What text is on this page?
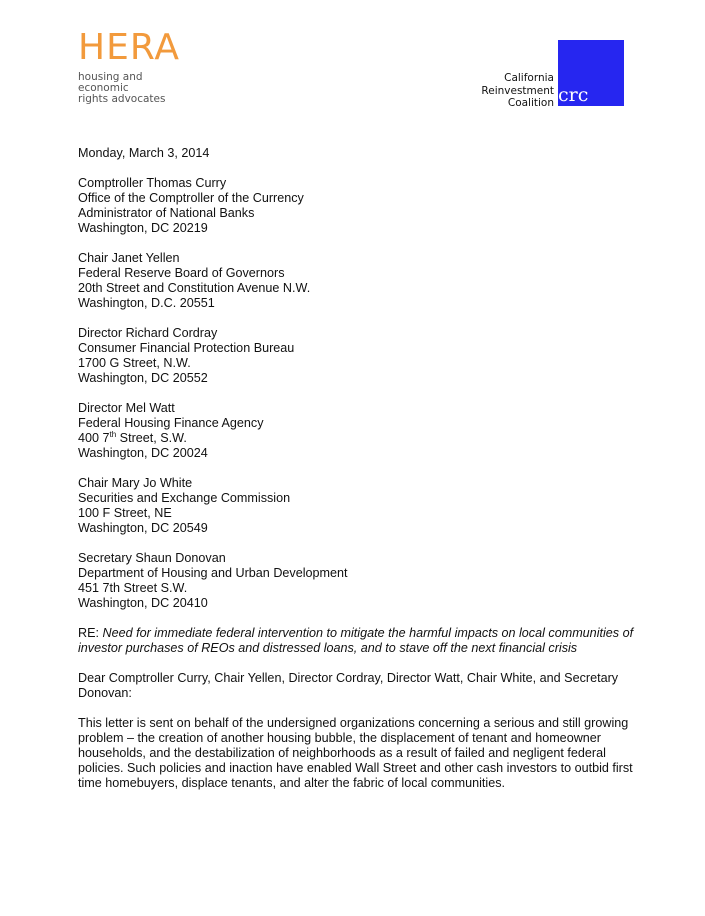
HERA
housing and
economic
rights advocates
California
Reinvestment
Coalition crc
Monday, March 3, 2014
Comptroller Thomas Curry
Office of the Comptroller of the Currency
Administrator of National Banks
Washington, DC 20219
Chair Janet Yellen
Federal Reserve Board of Governors
20th Street and Constitution Avenue N.W.
Washington, D.C. 20551
Director Richard Cordray
Consumer Financial Protection Bureau
1700 G Street, N.W.
Washington, DC 20552
Director Mel Watt
Federal Housing Finance Agency
400 7th Street, S.W.
Washington, DC 20024
Chair Mary Jo White
Securities and Exchange Commission
100 F Street, NE
Washington, DC 20549
Secretary Shaun Donovan
Department of Housing and Urban Development
451 7th Street S.W.
Washington, DC 20410
RE: Need for immediate federal intervention to mitigate the harmful impacts on local communities of investor purchases of REOs and distressed loans, and to stave off the next financial crisis
Dear Comptroller Curry, Chair Yellen, Director Cordray, Director Watt, Chair White, and Secretary Donovan:
This letter is sent on behalf of the undersigned organizations concerning a serious and still growing problem – the creation of another housing bubble, the displacement of tenant and homeowner households, and the destabilization of neighborhoods as a result of failed and negligent federal policies. Such policies and inaction have enabled Wall Street and other cash investors to outbid first time homebuyers, displace tenants, and alter the fabric of local communities.
